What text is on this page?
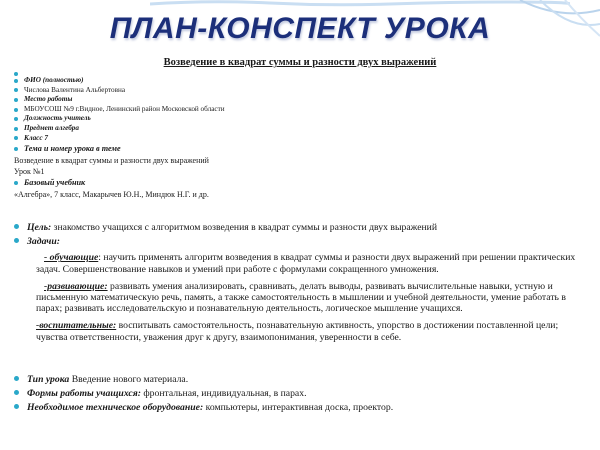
ПЛАН-КОНСПЕКТ УРОКА
Возведение в квадрат суммы и разности двух выражений
ФИО (полностью)
Числова Валентина Альбертовна
Место работы
МБОУСОШ №9 г.Видное, Ленинский район Московской области
Должность учитель
Предмет алгебра
Класс 7
Тема и номер урока в теме
Возведение в квадрат суммы и разности двух выражений
Урок №1
Базовый учебник
«Алгебра», 7 класс, Макарычев Ю.Н., Миндюк Н.Г. и др.
Цель: знакомство учащихся с алгоритмом возведения в квадрат суммы и разности двух выражений
Задачи:

- обучающие: научить применять алгоритм возведения в квадрат суммы и разности двух выражений при решении практических задач. Совершенствование навыков и умений при работе с формулами сокращенного умножения.

-развивающие: развивать умения анализировать, сравнивать, делать выводы, развивать вычислительные навыки, устную и письменную математическую речь, память, а также самостоятельность в мышлении и учебной деятельности, умение работать в парах; развивать исследовательскую и познавательную деятельность, логическое мышление учащихся.

-воспитательные: воспитывать самостоятельность, познавательную активность, упорство в достижении поставленной цели; чувства ответственности, уважения друг к другу, взаимопонимания, уверенности в себе.

Тип урока Введение нового материала.
Формы работы учащихся: фронтальная, индивидуальная, в парах.
Необходимое техническое оборудование: компьютеры, интерактивная доска, проектор.
